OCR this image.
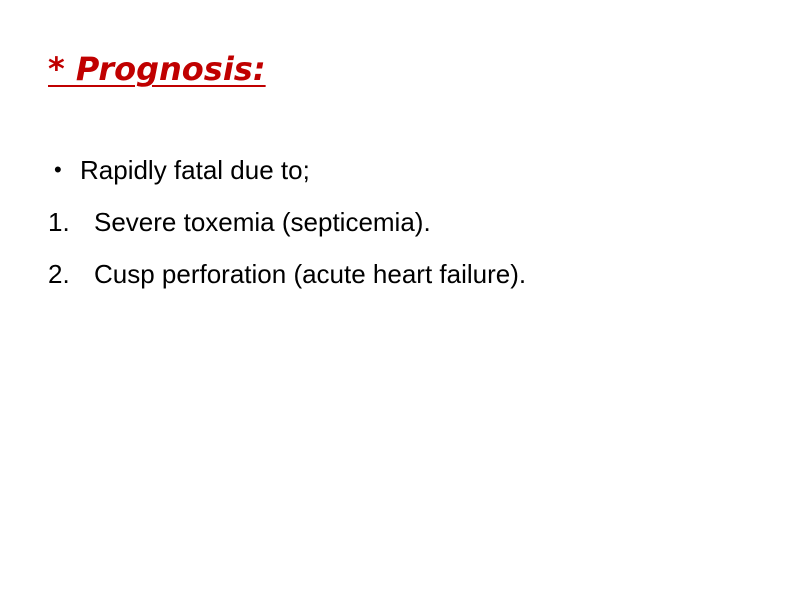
* Prognosis:
• Rapidly fatal due to;
1. Severe toxemia (septicemia).
2. Cusp perforation (acute heart failure).
